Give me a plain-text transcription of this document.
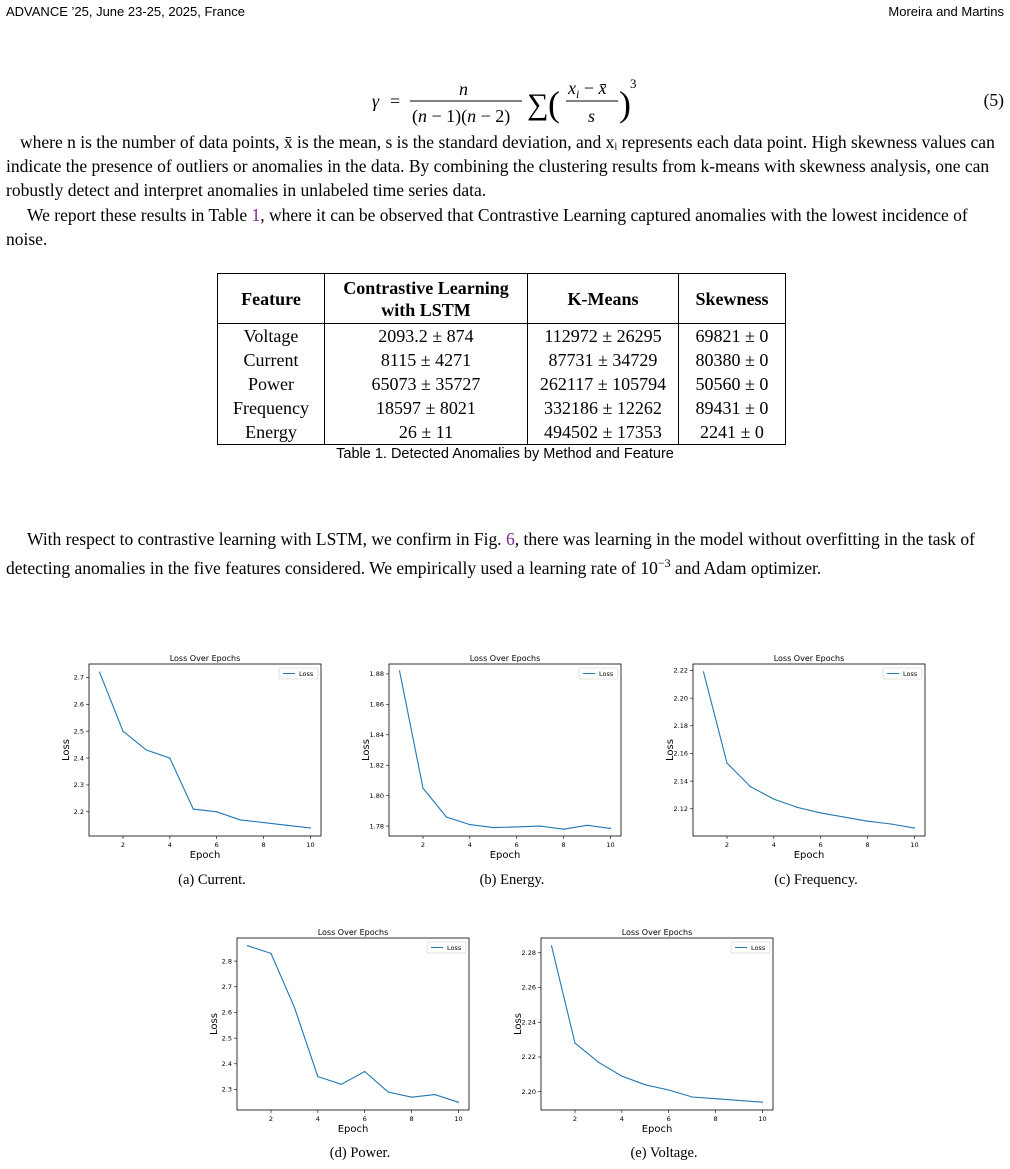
ADVANCE ’25, June 23-25, 2025, France	Moreira and Martins
γ =
n
(n − 1)(n − 2) ∑ ( $x_i$ − x̄
s )
3
(5)
where n is the number of data points, x̄ is the mean, s is the standard deviation, and xᵢ represents each data point. High skewness values can indicate the presence of outliers or anomalies in the data. By combining the clustering results from k-means with skewness analysis, one can robustly detect and interpret anomalies in unlabeled time series data.
We report these results in Table 1, where it can be observed that Contrastive Learning captured anomalies with the lowest incidence of noise.
Feature	Contrastive Learning with LSTM	K-Means	Skewness
Voltage	2093.2 ± 874	112972 ± 26295	69821 ± 0
Current	8115 ± 4271	87731 ± 34729	80380 ± 0
Power	65073 ± 35727	262117 ± 105794	50560 ± 0
Frequency	18597 ± 8021	332186 ± 12262	89431 ± 0
Energy	26 ± 11	494502 ± 17353	2241 ± 0
Table 1. Detected Anomalies by Method and Feature
With respect to contrastive learning with LSTM, we confirm in Fig. 6, there was learning in the model without overfitting in the task of detecting anomalies in the five features considered. We empirically used a learning rate of $10^{-3}$ and Adam optimizer.
Loss Over Epochs
2	4	6	8	10
2.2
2.3
2.4
2.5
2.6
2.7
Epoch
Loss
Loss
(a) Current.
Loss Over Epochs
2	4	6	8	10
1.78
1.80
1.82
1.84
1.86
1.88
Epoch
Loss
Loss
(b) Energy.
Loss Over Epochs
2	4	6	8	10
2.12
2.14
2.16
2.18
2.20
2.22
Epoch
Loss
Loss
(c) Frequency.
Loss Over Epochs
2	4	6	8	10
2.3
2.4
2.5
2.6
2.7
2.8
Epoch
Loss
Loss
(d) Power.
Loss Over Epochs
2	4	6	8	10
2.20
2.22
2.24
2.26
2.28
Epoch
Loss
Loss
(e) Voltage.
